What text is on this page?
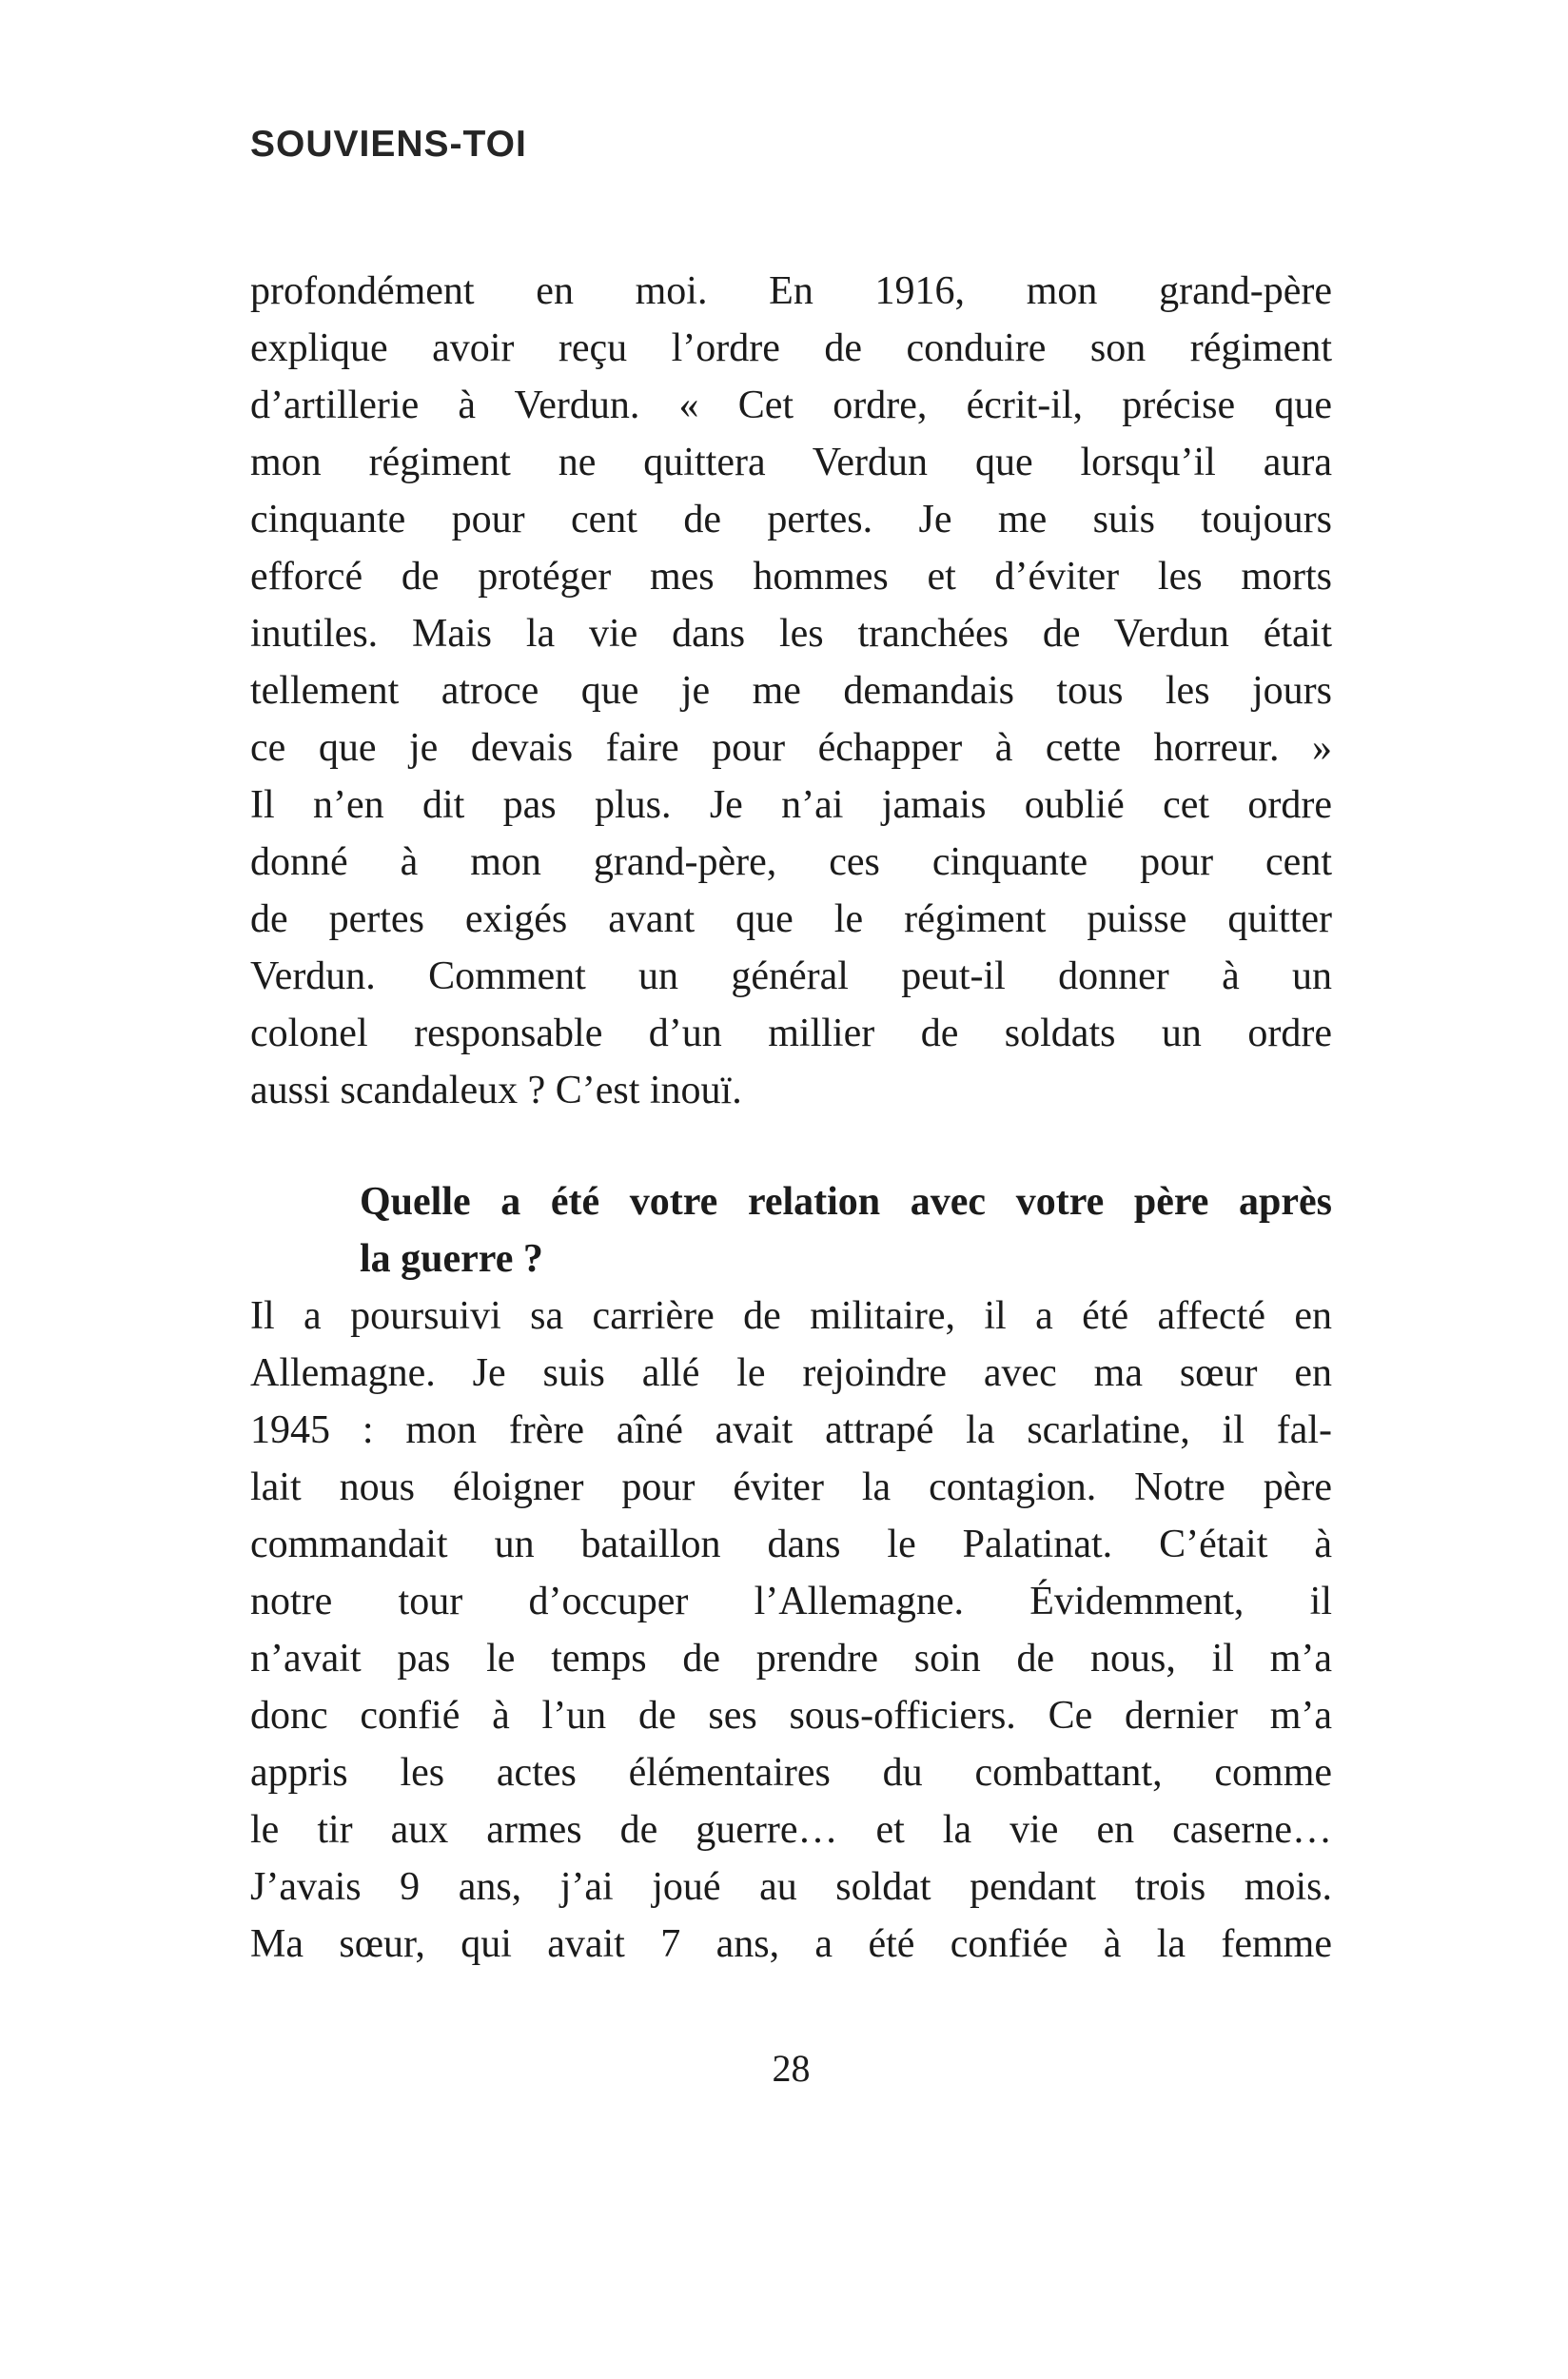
SOUVIENS-TOI
profondément en moi. En 1916, mon grand-père
explique avoir reçu l’ordre de conduire son régiment
d’artillerie à Verdun. « Cet ordre, écrit-il, précise que
mon régiment ne quittera Verdun que lorsqu’il aura
cinquante pour cent de pertes. Je me suis toujours
efforcé de protéger mes hommes et d’éviter les morts
inutiles. Mais la vie dans les tranchées de Verdun était
tellement atroce que je me demandais tous les jours
ce que je devais faire pour échapper à cette horreur. »
Il n’en dit pas plus. Je n’ai jamais oublié cet ordre
donné à mon grand-père, ces cinquante pour cent
de pertes exigés avant que le régiment puisse quitter
Verdun. Comment un général peut-il donner à un
colonel responsable d’un millier de soldats un ordre
aussi scandaleux ? C’est inouï.
Quelle a été votre relation avec votre père après
la guerre ?
Il a poursuivi sa carrière de militaire, il a été affecté en
Allemagne. Je suis allé le rejoindre avec ma sœur en
1945 : mon frère aîné avait attrapé la scarlatine, il fal-
lait nous éloigner pour éviter la contagion. Notre père
commandait un bataillon dans le Palatinat. C’était à
notre tour d’occuper l’Allemagne. Évidemment, il
n’avait pas le temps de prendre soin de nous, il m’a
donc confié à l’un de ses sous-officiers. Ce dernier m’a
appris les actes élémentaires du combattant, comme
le tir aux armes de guerre… et la vie en caserne…
J’avais 9 ans, j’ai joué au soldat pendant trois mois.
Ma sœur, qui avait 7 ans, a été confiée à la femme
28
